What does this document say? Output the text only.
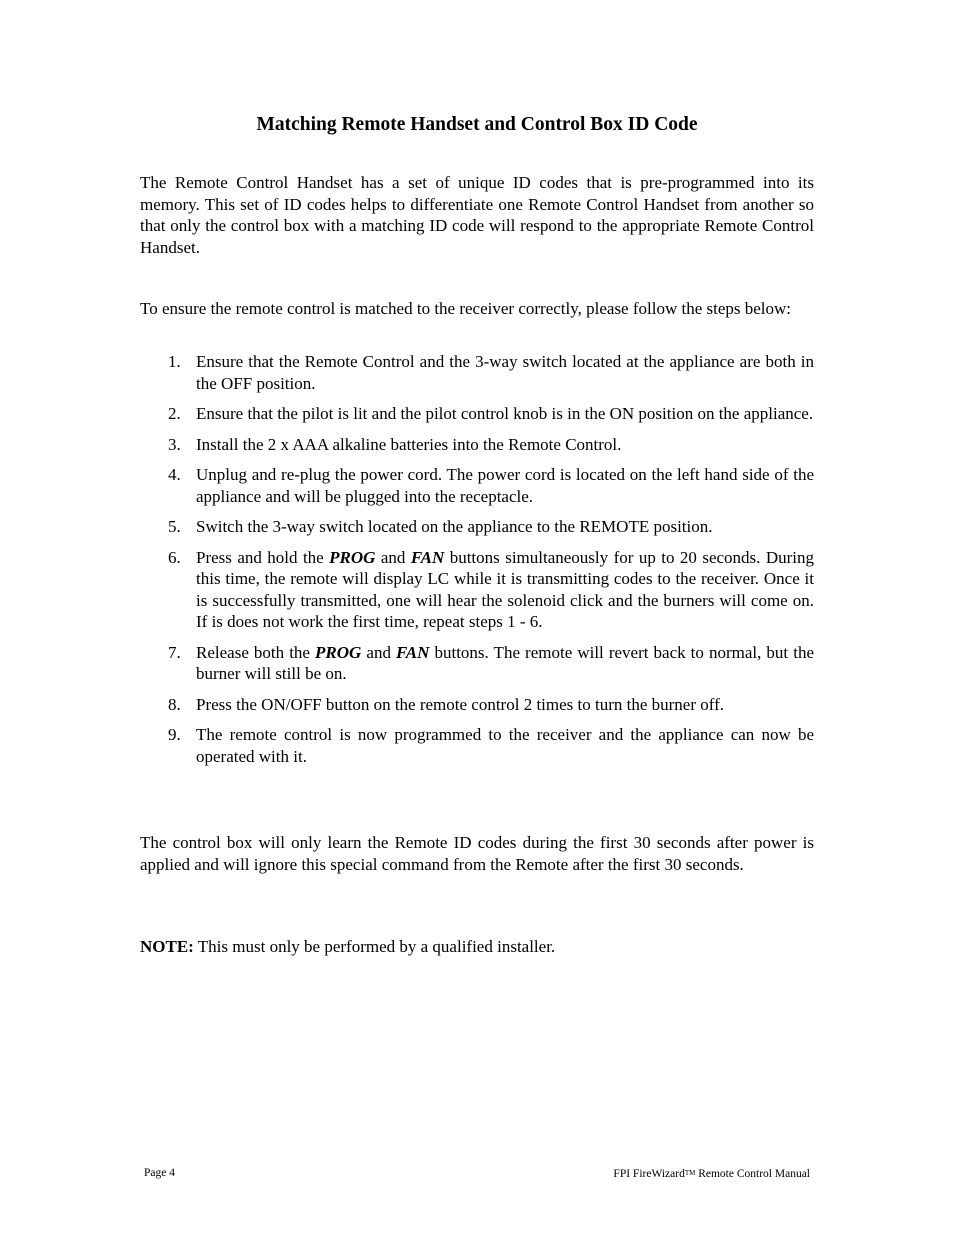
Matching Remote Handset and Control Box ID Code

The Remote Control Handset has a set of unique ID codes that is pre-programmed into its memory. This set of ID codes helps to differentiate one Remote Control Handset from another so that only the control box with a matching ID code will respond to the appropriate Remote Control Handset.

To ensure the remote control is matched to the receiver correctly, please follow the steps below:

1. Ensure that the Remote Control and the 3-way switch located at the appliance are both in the OFF position.
2. Ensure that the pilot is lit and the pilot control knob is in the ON position on the appliance.
3. Install the 2 x AAA alkaline batteries into the Remote Control.
4. Unplug and re-plug the power cord. The power cord is located on the left hand side of the appliance and will be plugged into the receptacle.
5. Switch the 3-way switch located on the appliance to the REMOTE position.
6. Press and hold the PROG and FAN buttons simultaneously for up to 20 seconds. During this time, the remote will display LC while it is transmitting codes to the receiver. Once it is successfully transmitted, one will hear the solenoid click and the burners will come on. If is does not work the first time, repeat steps 1 - 6.
7. Release both the PROG and FAN buttons. The remote will revert back to normal, but the burner will still be on.
8. Press the ON/OFF button on the remote control 2 times to turn the burner off.
9. The remote control is now programmed to the receiver and the appliance can now be operated with it.

The control box will only learn the Remote ID codes during the first 30 seconds after power is applied and will ignore this special command from the Remote after the first 30 seconds.

NOTE: This must only be performed by a qualified installer.

Page 4	FPI FireWizardTM Remote Control Manual
